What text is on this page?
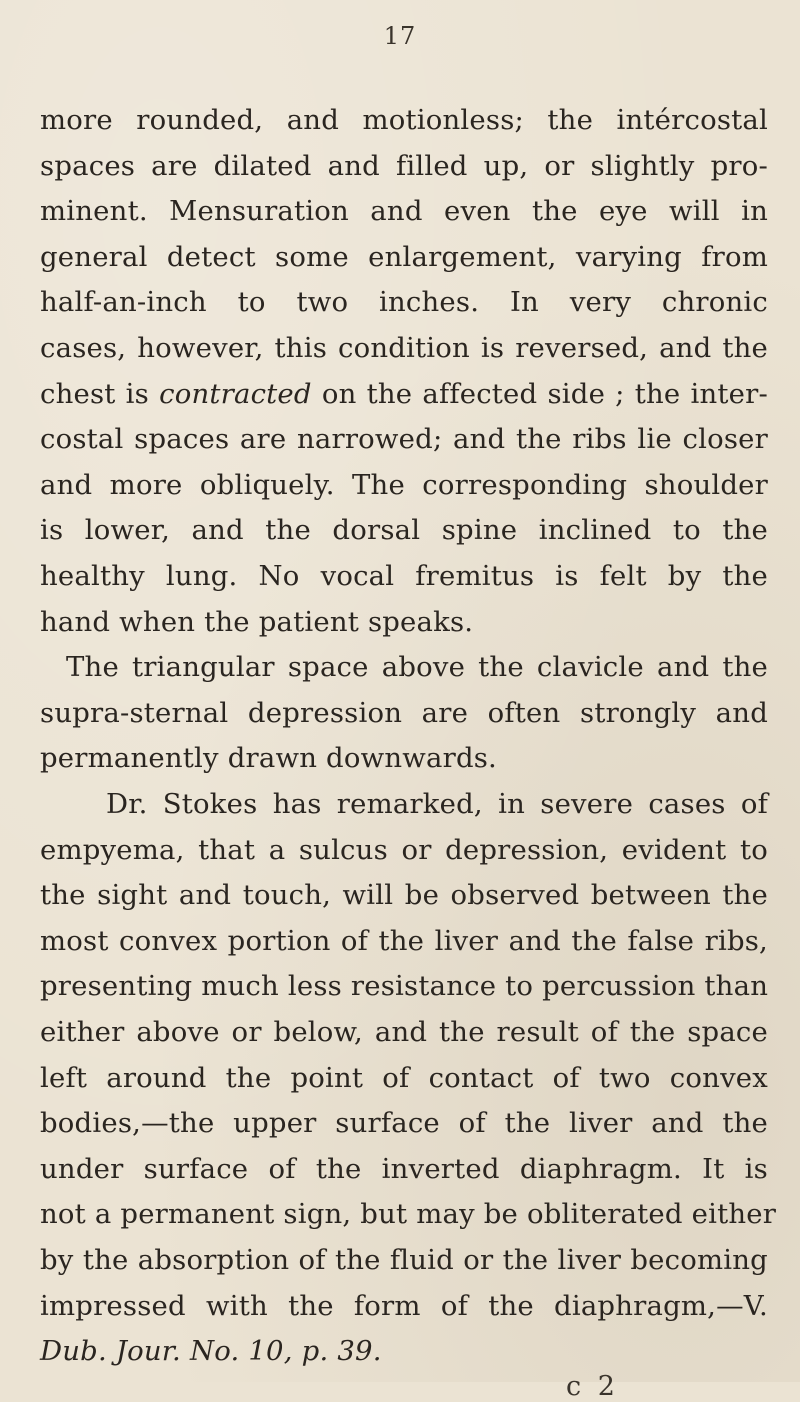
17
c 2
more rounded, and motionless; the intércostal
spaces are dilated and filled up, or slightly pro-
minent. Mensuration and even the eye will in
general detect some enlargement, varying from
half-an-inch to two inches. In very chronic
cases, however, this condition is reversed, and the
chest is contracted on the affected side ; the inter-
costal spaces are narrowed; and the ribs lie closer
and more obliquely. The corresponding shoulder
is lower, and the dorsal spine inclined to the
healthy lung. No vocal fremitus is felt by the
hand when the patient speaks.
The triangular space above the clavicle and the
supra-sternal depression are often strongly and
permanently drawn downwards.
Dr. Stokes has remarked, in severe cases of
empyema, that a sulcus or depression, evident to
the sight and touch, will be observed between the
most convex portion of the liver and the false ribs,
presenting much less resistance to percussion than
either above or below, and the result of the space
left around the point of contact of two convex
bodies,—the upper surface of the liver and the
under surface of the inverted diaphragm. It is
not a permanent sign, but may be obliterated either
by the absorption of the fluid or the liver becoming
impressed with the form of the diaphragm,—V.
Dub. Jour. No. 10, p. 39.
